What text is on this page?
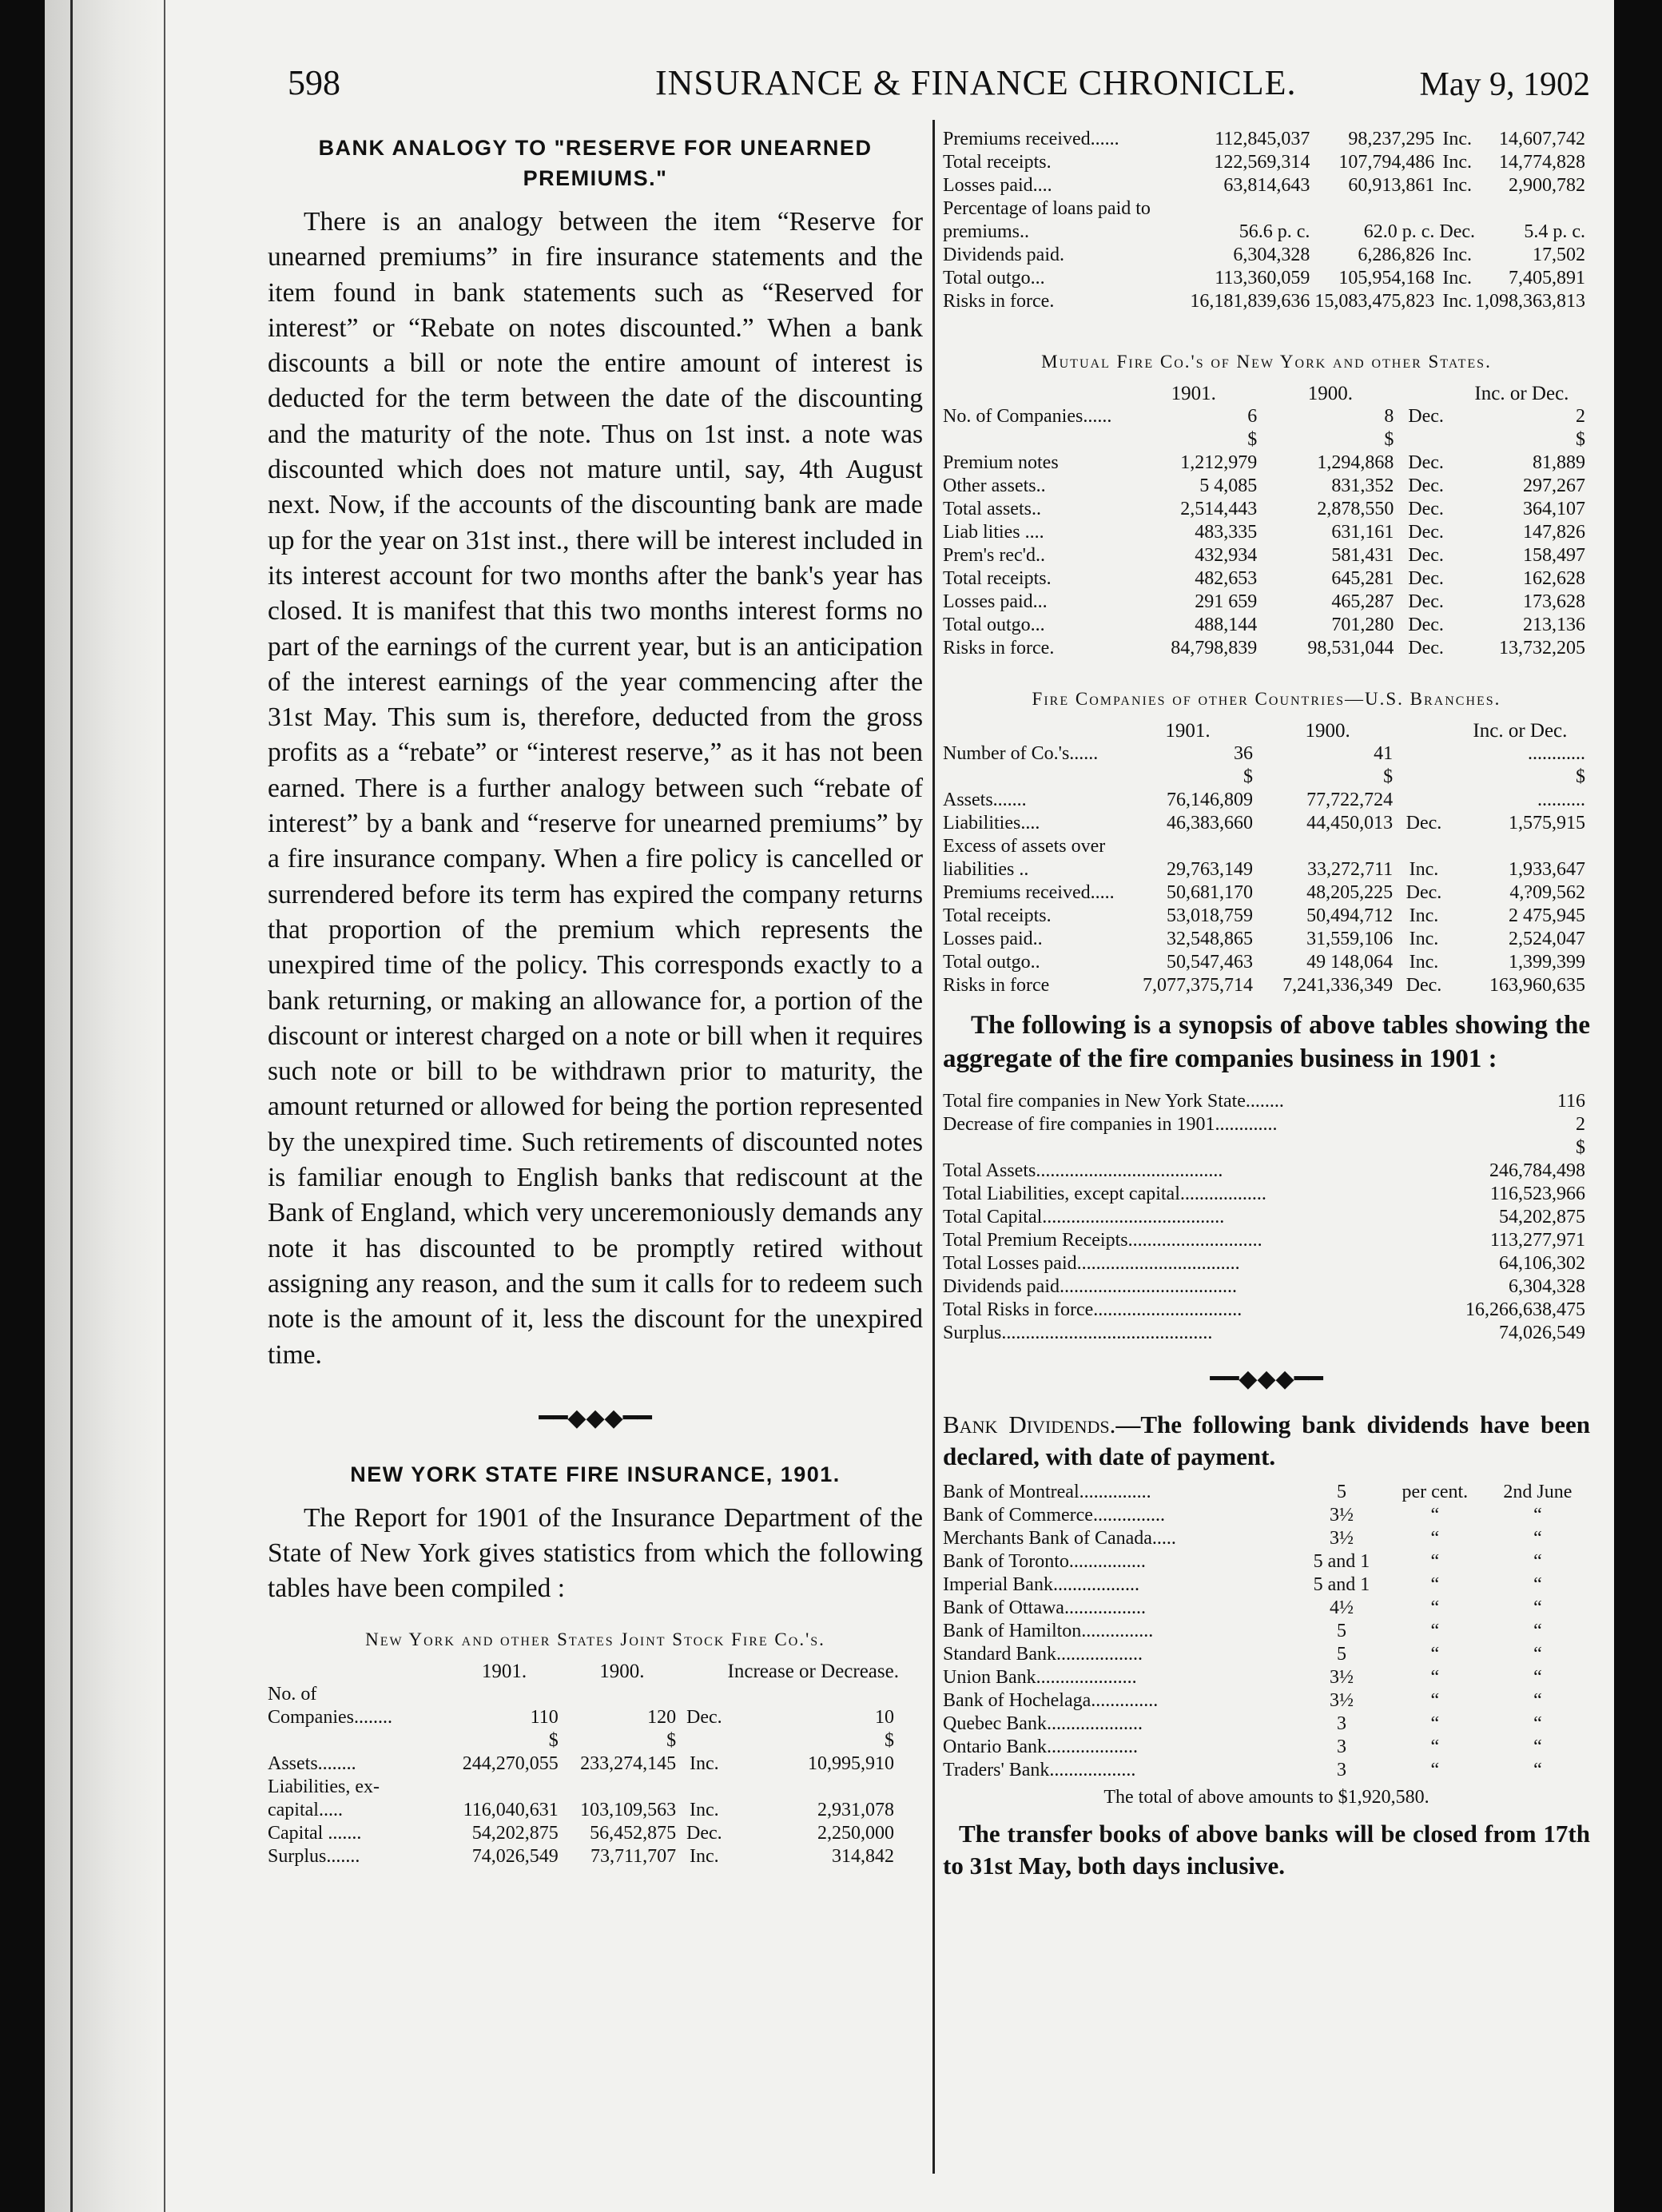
598	INSURANCE & FINANCE CHRONICLE.	May 9, 1902
BANK ANALOGY TO "RESERVE FOR UNEARNED PREMIUMS."

There is an analogy between the item “Reserve for unearned premiums” in fire insurance statements and the item found in bank statements such as “Reserved for interest” or “Rebate on notes discounted.” When a bank discounts a bill or note the entire amount of interest is deducted for the term between the date of the discounting and the maturity of the note. Thus on 1st inst. a note was discounted which does not mature until, say, 4th August next. Now, if the accounts of the discounting bank are made up for the year on 31st inst., there will be interest included in its interest account for two months after the bank's year has closed. It is manifest that this two months interest forms no part of the earnings of the current year, but is an anticipation of the interest earnings of the year commencing after the 31st May. This sum is, therefore, deducted from the gross profits as a “rebate” or “interest reserve,” as it has not been earned. There is a further analogy between such “rebate of interest” by a bank and “reserve for unearned premiums” by a fire insurance company. When a fire policy is cancelled or surrendered before its term has expired the company returns that proportion of the premium which represents the unexpired time of the policy. This corresponds exactly to a bank returning, or making an allowance for, a portion of the discount or interest charged on a note or bill when it requires such note or bill to be withdrawn prior to maturity, the amount returned or allowed for being the portion represented by the unexpired time. Such retirements of discounted notes is familiar enough to English banks that rediscount at the Bank of England, which very unceremoniously demands any note it has discounted to be promptly retired without assigning any reason, and the sum it calls for to redeem such note is the amount of it, less the discount for the unexpired time.

━━◆◆◆━━
NEW YORK STATE FIRE INSURANCE, 1901.

The Report for 1901 of the Insurance Department of the State of New York gives statistics from which the following tables have been compiled :

New York and other States Joint Stock Fire Co.'s.
	1901.	1900.		Increase or Decrease.
No. of Companies........	110	120	Dec.	10
	$	$		$
Assets........	244,270,055	233,274,145	Inc.	10,995,910
Liabilities, ex-capital.....	116,040,631	103,109,563	Inc.	2,931,078
Capital .......	54,202,875	56,452,875	Dec.	2,250,000
Surplus.......	74,026,549	73,711,707	Inc.	314,842
Premiums received......	112,845,037	98,237,295	Inc.	14,607,742
Total receipts.	122,569,314	107,794,486	Inc.	14,774,828
Losses paid....	63,814,643	60,913,861	Inc.	2,900,782
Percentage of loans paid to premiums..	56.6 p. c.	62.0 p. c.	Dec.	5.4 p. c.
Dividends paid.	6,304,328	6,286,826	Inc.	17,502
Total outgo...	113,360,059	105,954,168	Inc.	7,405,891
Risks in force.	16,181,839,636	15,083,475,823	Inc.	1,098,363,813
Mutual Fire Co.'s of New York and other States.
	1901.	1900.		Inc. or Dec.
No. of Companies......	6	8	Dec.	2
	$	$		$
Premium notes	1,212,979	1,294,868	Dec.	81,889
Other assets..	5 4,085	831,352	Dec.	297,267
Total assets..	2,514,443	2,878,550	Dec.	364,107
Liab lities ....	483,335	631,161	Dec.	147,826
Prem's rec'd..	432,934	581,431	Dec.	158,497
Total receipts.	482,653	645,281	Dec.	162,628
Losses paid...	291 659	465,287	Dec.	173,628
Total outgo...	488,144	701,280	Dec.	213,136
Risks in force.	84,798,839	98,531,044	Dec.	13,732,205
Fire Companies of other Countries—U.S. Branches.
	1901.	1900.		Inc. or Dec.
Number of Co.'s......	36	41		............
	$	$		$
Assets.......	76,146,809	77,722,724		..........
Liabilities....	46,383,660	44,450,013	Dec.	1,575,915
Excess of assets over liabilities ..	29,763,149	33,272,711	Inc.	1,933,647
Premiums received.....	50,681,170	48,205,225	Dec.	4,?09,562
Total receipts.	53,018,759	50,494,712	Inc.	2 475,945
Losses paid..	32,548,865	31,559,106	Inc.	2,524,047
Total outgo..	50,547,463	49 148,064	Inc.	1,399,399
Risks in force	7,077,375,714	7,241,336,349	Dec.	163,960,635

The following is a synopsis of above tables showing the aggregate of the fire companies business in 1901 :

Total fire companies in New York State........	116
Decrease of fire companies in 1901.............	2
	$
Total Assets.......................................	246,784,498
Total Liabilities, except capital..................	116,523,966
Total Capital......................................	54,202,875
Total Premium Receipts............................	113,277,971
Total Losses paid..................................	64,106,302
Dividends paid.....................................	6,304,328
Total Risks in force...............................	16,266,638,475
Surplus............................................	74,026,549
━━◆◆◆━━

Bank Dividends.—The following bank dividends have been declared, with date of payment.

Bank of Montreal...............	5	per cent.	2nd June
Bank of Commerce...............	3½	“	“
Merchants Bank of Canada.....	3½	“	“
Bank of Toronto................	5 and 1	“	“
Imperial Bank..................	5 and 1	“	“
Bank of Ottawa.................	4½	“	“
Bank of Hamilton...............	5	“	“
Standard Bank..................	5	“	“
Union Bank.....................	3½	“	“
Bank of Hochelaga..............	3½	“	“
Quebec Bank....................	3	“	“
Ontario Bank...................	3	“	“
Traders' Bank..................	3	“	“
The total of above amounts to $1,920,580.

The transfer books of above banks will be closed from 17th to 31st May, both days inclusive.
